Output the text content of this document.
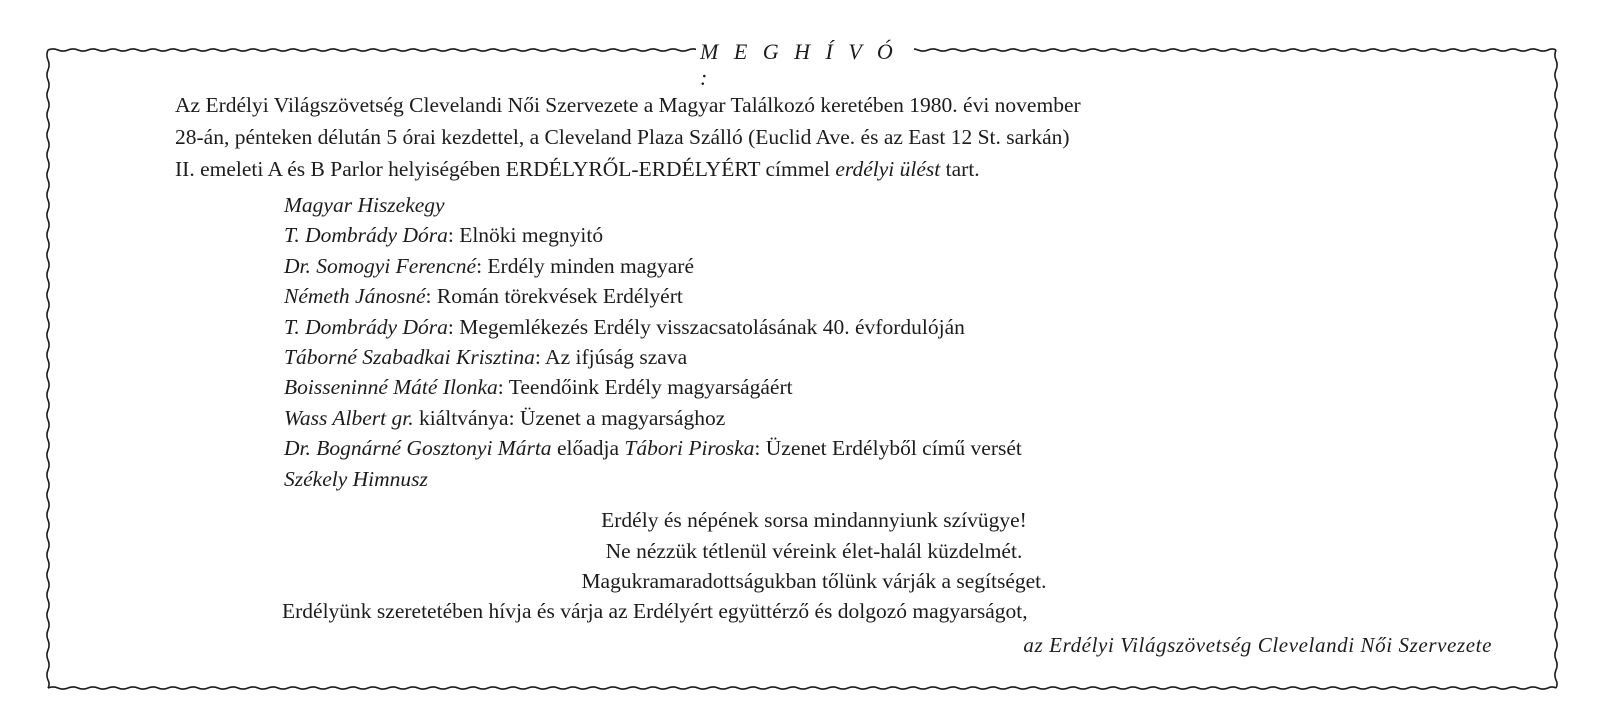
M E G H Í V Ó :

Az Erdélyi Világszövetség Clevelandi Női Szervezete a Magyar Találkozó keretében 1980. évi november

28-án, pénteken délután 5 órai kezdettel, a Cleveland Plaza Szálló (Euclid Ave. és az East 12 St. sarkán)

II. emeleti A és B Parlor helyiségében ERDÉLYRŐL-ERDÉLYÉRT címmel erdélyi ülést tart.

Magyar Hiszekegy
T. Dombrády Dóra: Elnöki megnyitó
Dr. Somogyi Ferencné: Erdély minden magyaré
Németh Jánosné: Román törekvések Erdélyért
T. Dombrády Dóra: Megemlékezés Erdély visszacsatolásának 40. évfordulóján
Táborné Szabadkai Krisztina: Az ifjúság szava
Boisseninné Máté Ilonka: Teendőink Erdély magyarságáért
Wass Albert gr. kiáltványa: Üzenet a magyarsághoz
Dr. Bognárné Gosztonyi Márta előadja Tábori Piroska: Üzenet Erdélyből című versét
Székely Himnusz
Erdély és népének sorsa mindannyiunk szívügye!
Ne nézzük tétlenül véreink élet-halál küzdelmét.
Magukramaradottságukban tőlünk várják a segítséget.
Erdélyünk szeretetében hívja és várja az Erdélyért együttérző és dolgozó magyarságot,
az Erdélyi Világszövetség Clevelandi Női Szervezete
